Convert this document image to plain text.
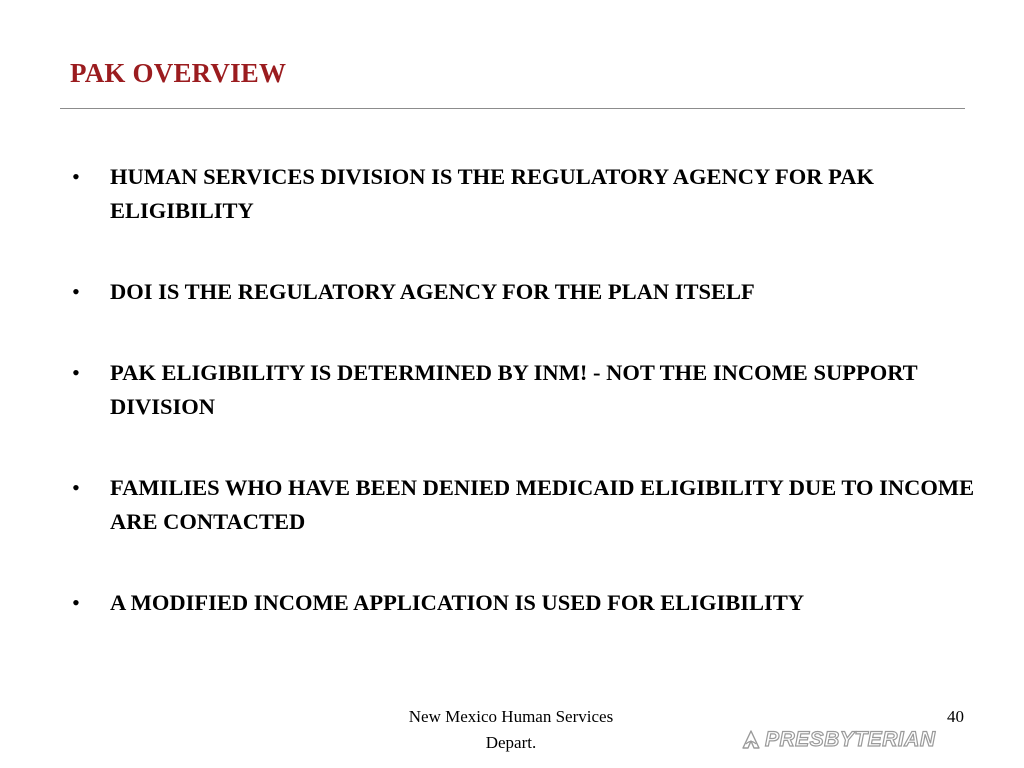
PAK OVERVIEW
• HUMAN SERVICES DIVISION IS THE REGULATORY AGENCY FOR PAK ELIGIBILITY
• DOI IS THE REGULATORY AGENCY FOR THE PLAN ITSELF
• PAK ELIGIBILITY IS DETERMINED BY INM! - NOT THE INCOME SUPPORT DIVISION
• FAMILIES WHO HAVE BEEN DENIED MEDICAID ELIGIBILITY DUE TO INCOME ARE CONTACTED
• A MODIFIED INCOME APPLICATION IS USED FOR ELIGIBILITY
New Mexico Human Services
Depart.
40
PRESBYTERIAN
